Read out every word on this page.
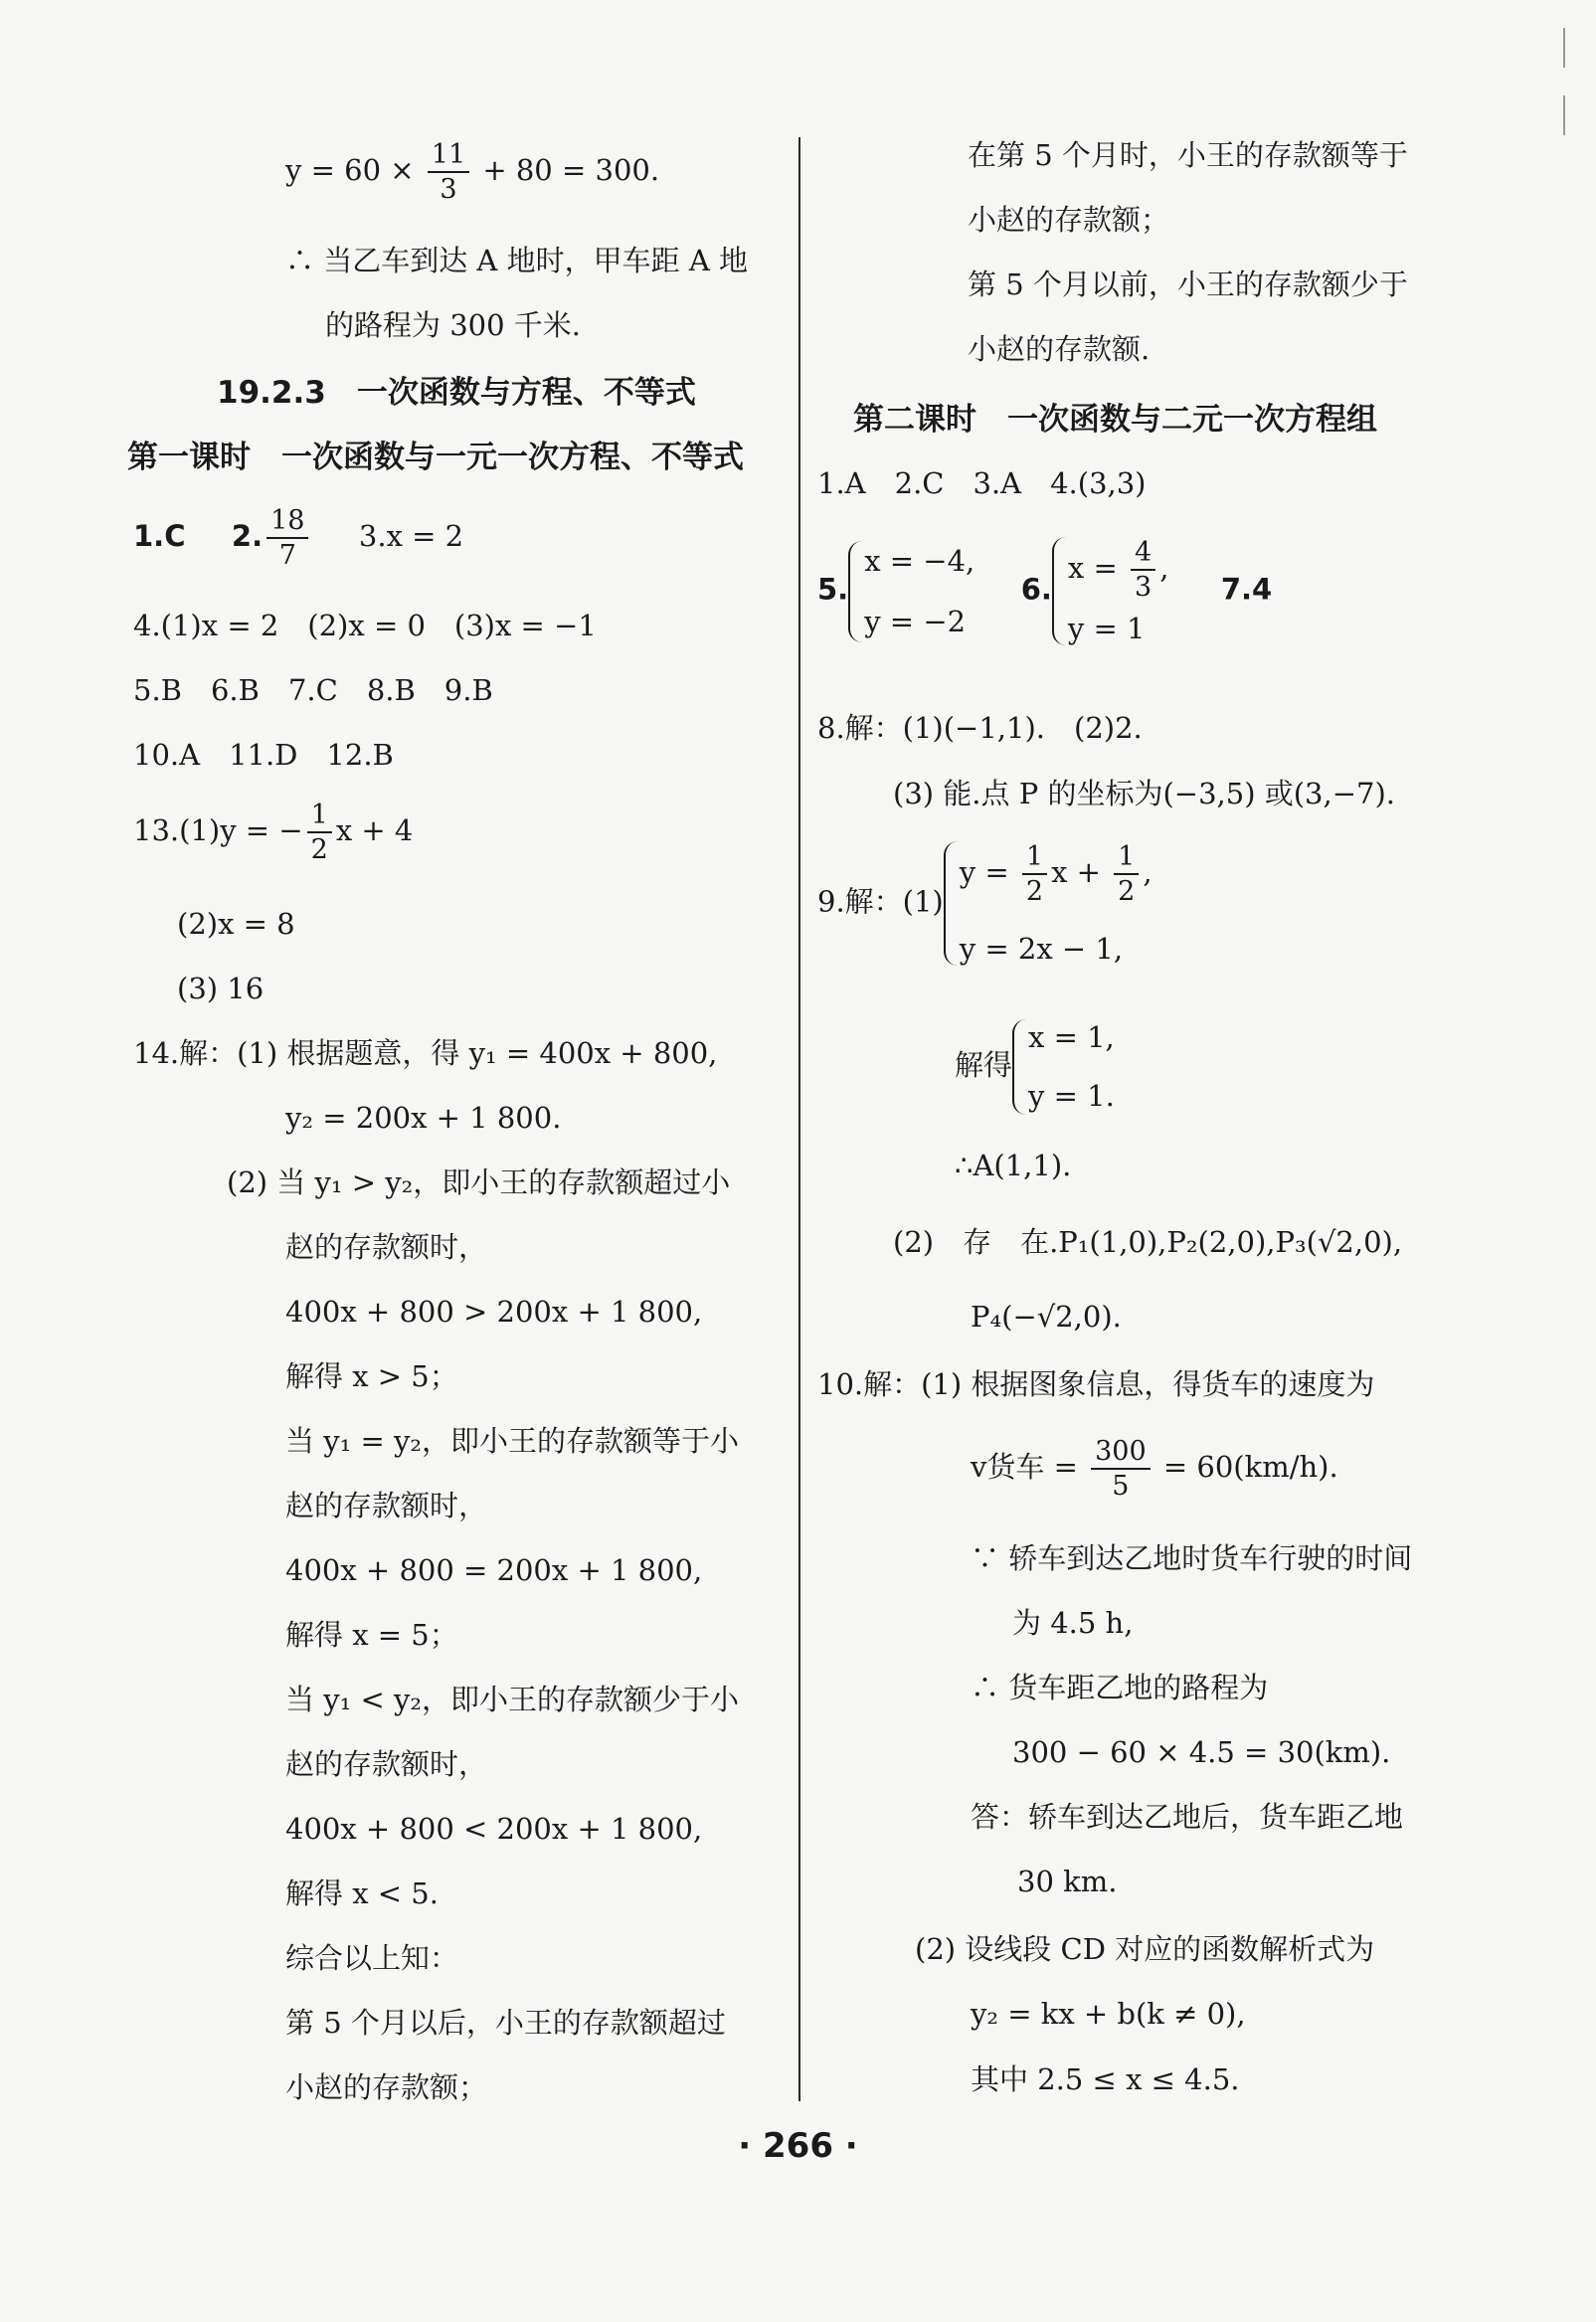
$y = 60 \times \frac{11}{3} + 80 = 300$.
∴ 当乙车到达 A 地时，甲车距 A 地
的路程为 300 千米.
19.2.3　一次函数与方程、不等式
第一课时　一次函数与一元一次方程、不等式
1.C 2. $\frac{18}{7} 3.x = 2$
4.(1)x = 2　(2)x = 0　(3)x = −1
5.B　6.B　7.C　8.B　9.B
10.A　11.D　12.B
13.(1)y = − $\frac{1}{2}$ x + 4
(2)x = 8
(3) 16
14.解：(1) 根据题意，得 y₁ = 400x + 800,
y₂ = 200x + 1 800.
(2) 当 y₁ > y₂，即小王的存款额超过小
赵的存款额时，
400x + 800 > 200x + 1 800,
解得 x > 5；
当 y₁ = y₂，即小王的存款额等于小
赵的存款额时，
400x + 800 = 200x + 1 800,
解得 x = 5；
当 y₁ < y₂，即小王的存款额少于小
赵的存款额时，
400x + 800 < 200x + 1 800,
解得 x < 5.
综合以上知：
第 5 个月以后，小王的存款额超过
小赵的存款额；
在第 5 个月时，小王的存款额等于
小赵的存款额；
第 5 个月以前，小王的存款额少于
小赵的存款额.
第二课时　一次函数与二元一次方程组
1.A　2.C　3.A　4.(3,3)
5.
x = −4,
y = −2
6.
$x = \frac{4}{3}$ ,
y = 1
7.4
8.解：(1)(−1,1).　(2)2.
(3) 能.点 P 的坐标为(−3,5) 或(3,−7).
9.解：(1)
$y = \frac{1}{2}$ $x + \frac{1}{2}$ ,
y = 2x − 1,
解得
x = 1,
y = 1.
∴A(1,1).
(2)　存　在.P₁(1,0),P₂(2,0),P₃(√2,0),
P₄(−√2,0).
10.解：(1) 根据图象信息，得货车的速度为
v货车 = $\frac{300}{5} = 60(km/h)$.
∵ 轿车到达乙地时货车行驶的时间
为 4.5 h,
∴ 货车距乙地的路程为
300 − 60 × 4.5 = 30(km).
答：轿车到达乙地后，货车距乙地
30 km.
(2) 设线段 CD 对应的函数解析式为
y₂ = kx + b(k ≠ 0),
其中 2.5 ≤ x ≤ 4.5.
· 266 ·
